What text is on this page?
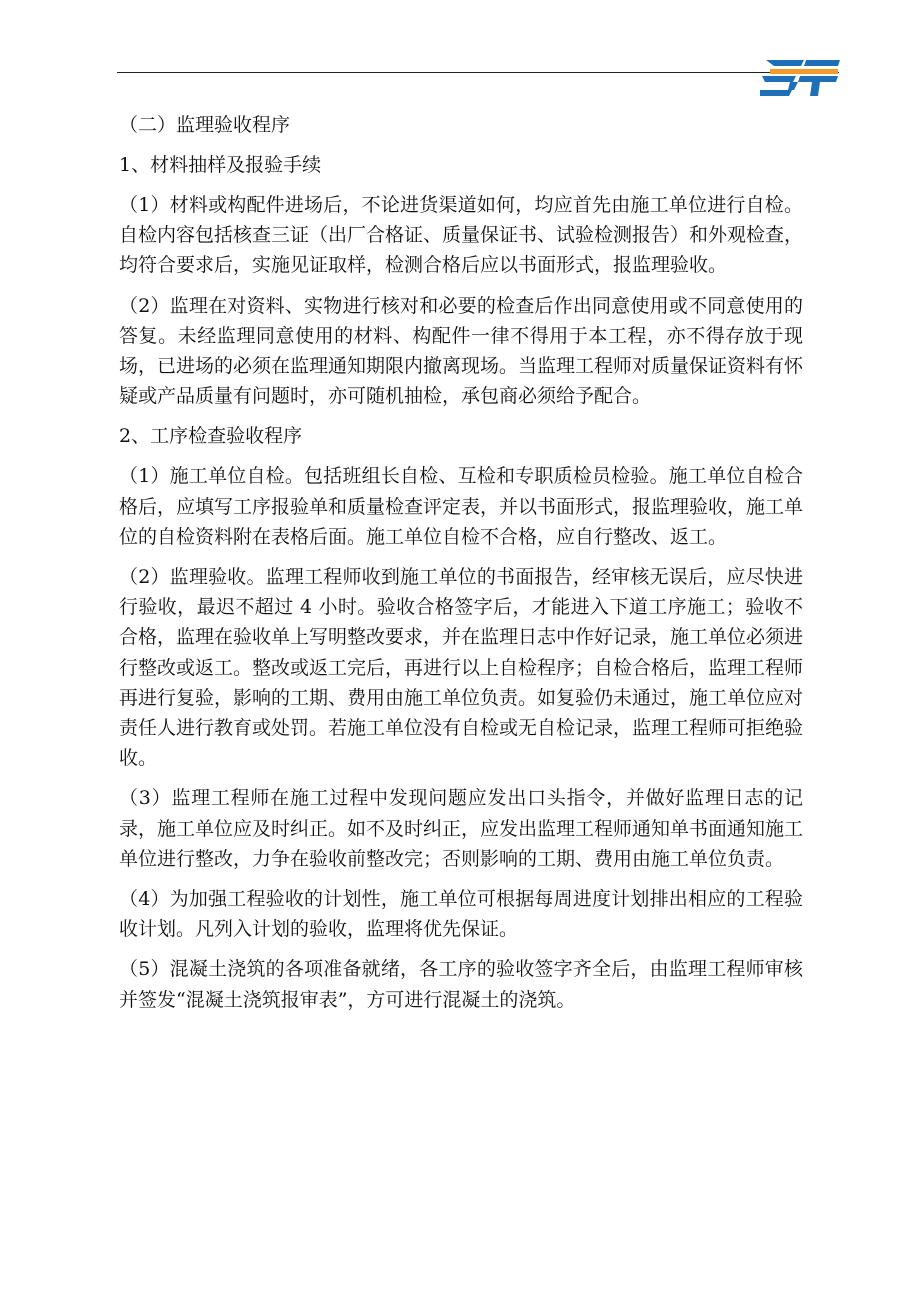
（二）监理验收程序

1、材料抽样及报验手续

（1）材料或构配件进场后，不论进货渠道如何，均应首先由施工单位进行自检。自检内容包括核查三证（出厂合格证、质量保证书、试验检测报告）和外观检查，均符合要求后，实施见证取样，检测合格后应以书面形式，报监理验收。

（2）监理在对资料、实物进行核对和必要的检查后作出同意使用或不同意使用的答复。未经监理同意使用的材料、构配件一律不得用于本工程，亦不得存放于现场，已进场的必须在监理通知期限内撤离现场。当监理工程师对质量保证资料有怀疑或产品质量有问题时，亦可随机抽检，承包商必须给予配合。

2、工序检查验收程序

（1）施工单位自检。包括班组长自检、互检和专职质检员检验。施工单位自检合格后，应填写工序报验单和质量检查评定表，并以书面形式，报监理验收，施工单位的自检资料附在表格后面。施工单位自检不合格，应自行整改、返工。

（2）监理验收。监理工程师收到施工单位的书面报告，经审核无误后，应尽快进行验收，最迟不超过 4 小时。验收合格签字后，才能进入下道工序施工；验收不合格，监理在验收单上写明整改要求，并在监理日志中作好记录，施工单位必须进行整改或返工。整改或返工完后，再进行以上自检程序；自检合格后，监理工程师再进行复验，影响的工期、费用由施工单位负责。如复验仍未通过，施工单位应对责任人进行教育或处罚。若施工单位没有自检或无自检记录，监理工程师可拒绝验收。

（3）监理工程师在施工过程中发现问题应发出口头指令，并做好监理日志的记录，施工单位应及时纠正。如不及时纠正，应发出监理工程师通知单书面通知施工单位进行整改，力争在验收前整改完；否则影响的工期、费用由施工单位负责。

（4）为加强工程验收的计划性，施工单位可根据每周进度计划排出相应的工程验收计划。凡列入计划的验收，监理将优先保证。

（5）混凝土浇筑的各项准备就绪，各工序的验收签字齐全后，由监理工程师审核并签发“混凝土浇筑报审表”，方可进行混凝土的浇筑。
